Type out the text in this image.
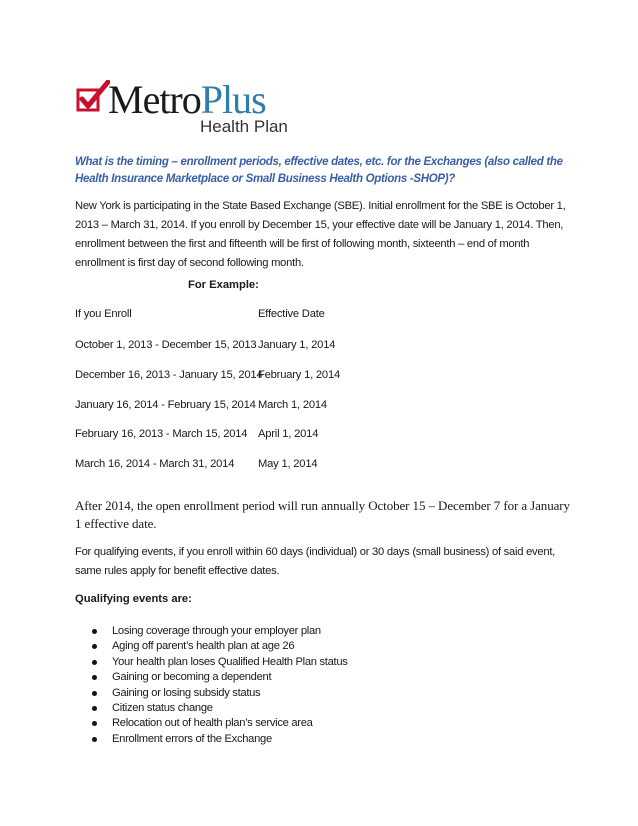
MetroPlus
Health Plan
What is the timing – enrollment periods, effective dates, etc. for the Exchanges (also called the Health Insurance Marketplace or Small Business Health Options -SHOP)?
New York is participating in the State Based Exchange (SBE). Initial enrollment for the SBE is October 1, 2013 – March 31, 2014. If you enroll by December 15, your effective date will be January 1, 2014. Then, enrollment between the first and fifteenth will be first of following month, sixteenth – end of month enrollment is first day of second following month.
For Example:
If you Enroll	Effective Date
October 1, 2013 - December 15, 2013 January 1, 2014
December 16, 2013 - January 15, 2014
February 1, 2014
January 16, 2014 - February 15, 2014 March 1, 2014
February 16, 2013 - March 15, 2014 April 1, 2014
March 16, 2014 - March 31, 2014 May 1, 2014
After 2014, the open enrollment period will run annually October 15 – December 7 for a January 1 effective date.
For qualifying events, if you enroll within 60 days (individual) or 30 days (small business) of said event, same rules apply for benefit effective dates.
Qualifying events are:
Losing coverage through your employer plan
Aging off parent’s health plan at age 26
Your health plan loses Qualified Health Plan status
Gaining or becoming a dependent
Gaining or losing subsidy status
Citizen status change
Relocation out of health plan’s service area
Enrollment errors of the Exchange
